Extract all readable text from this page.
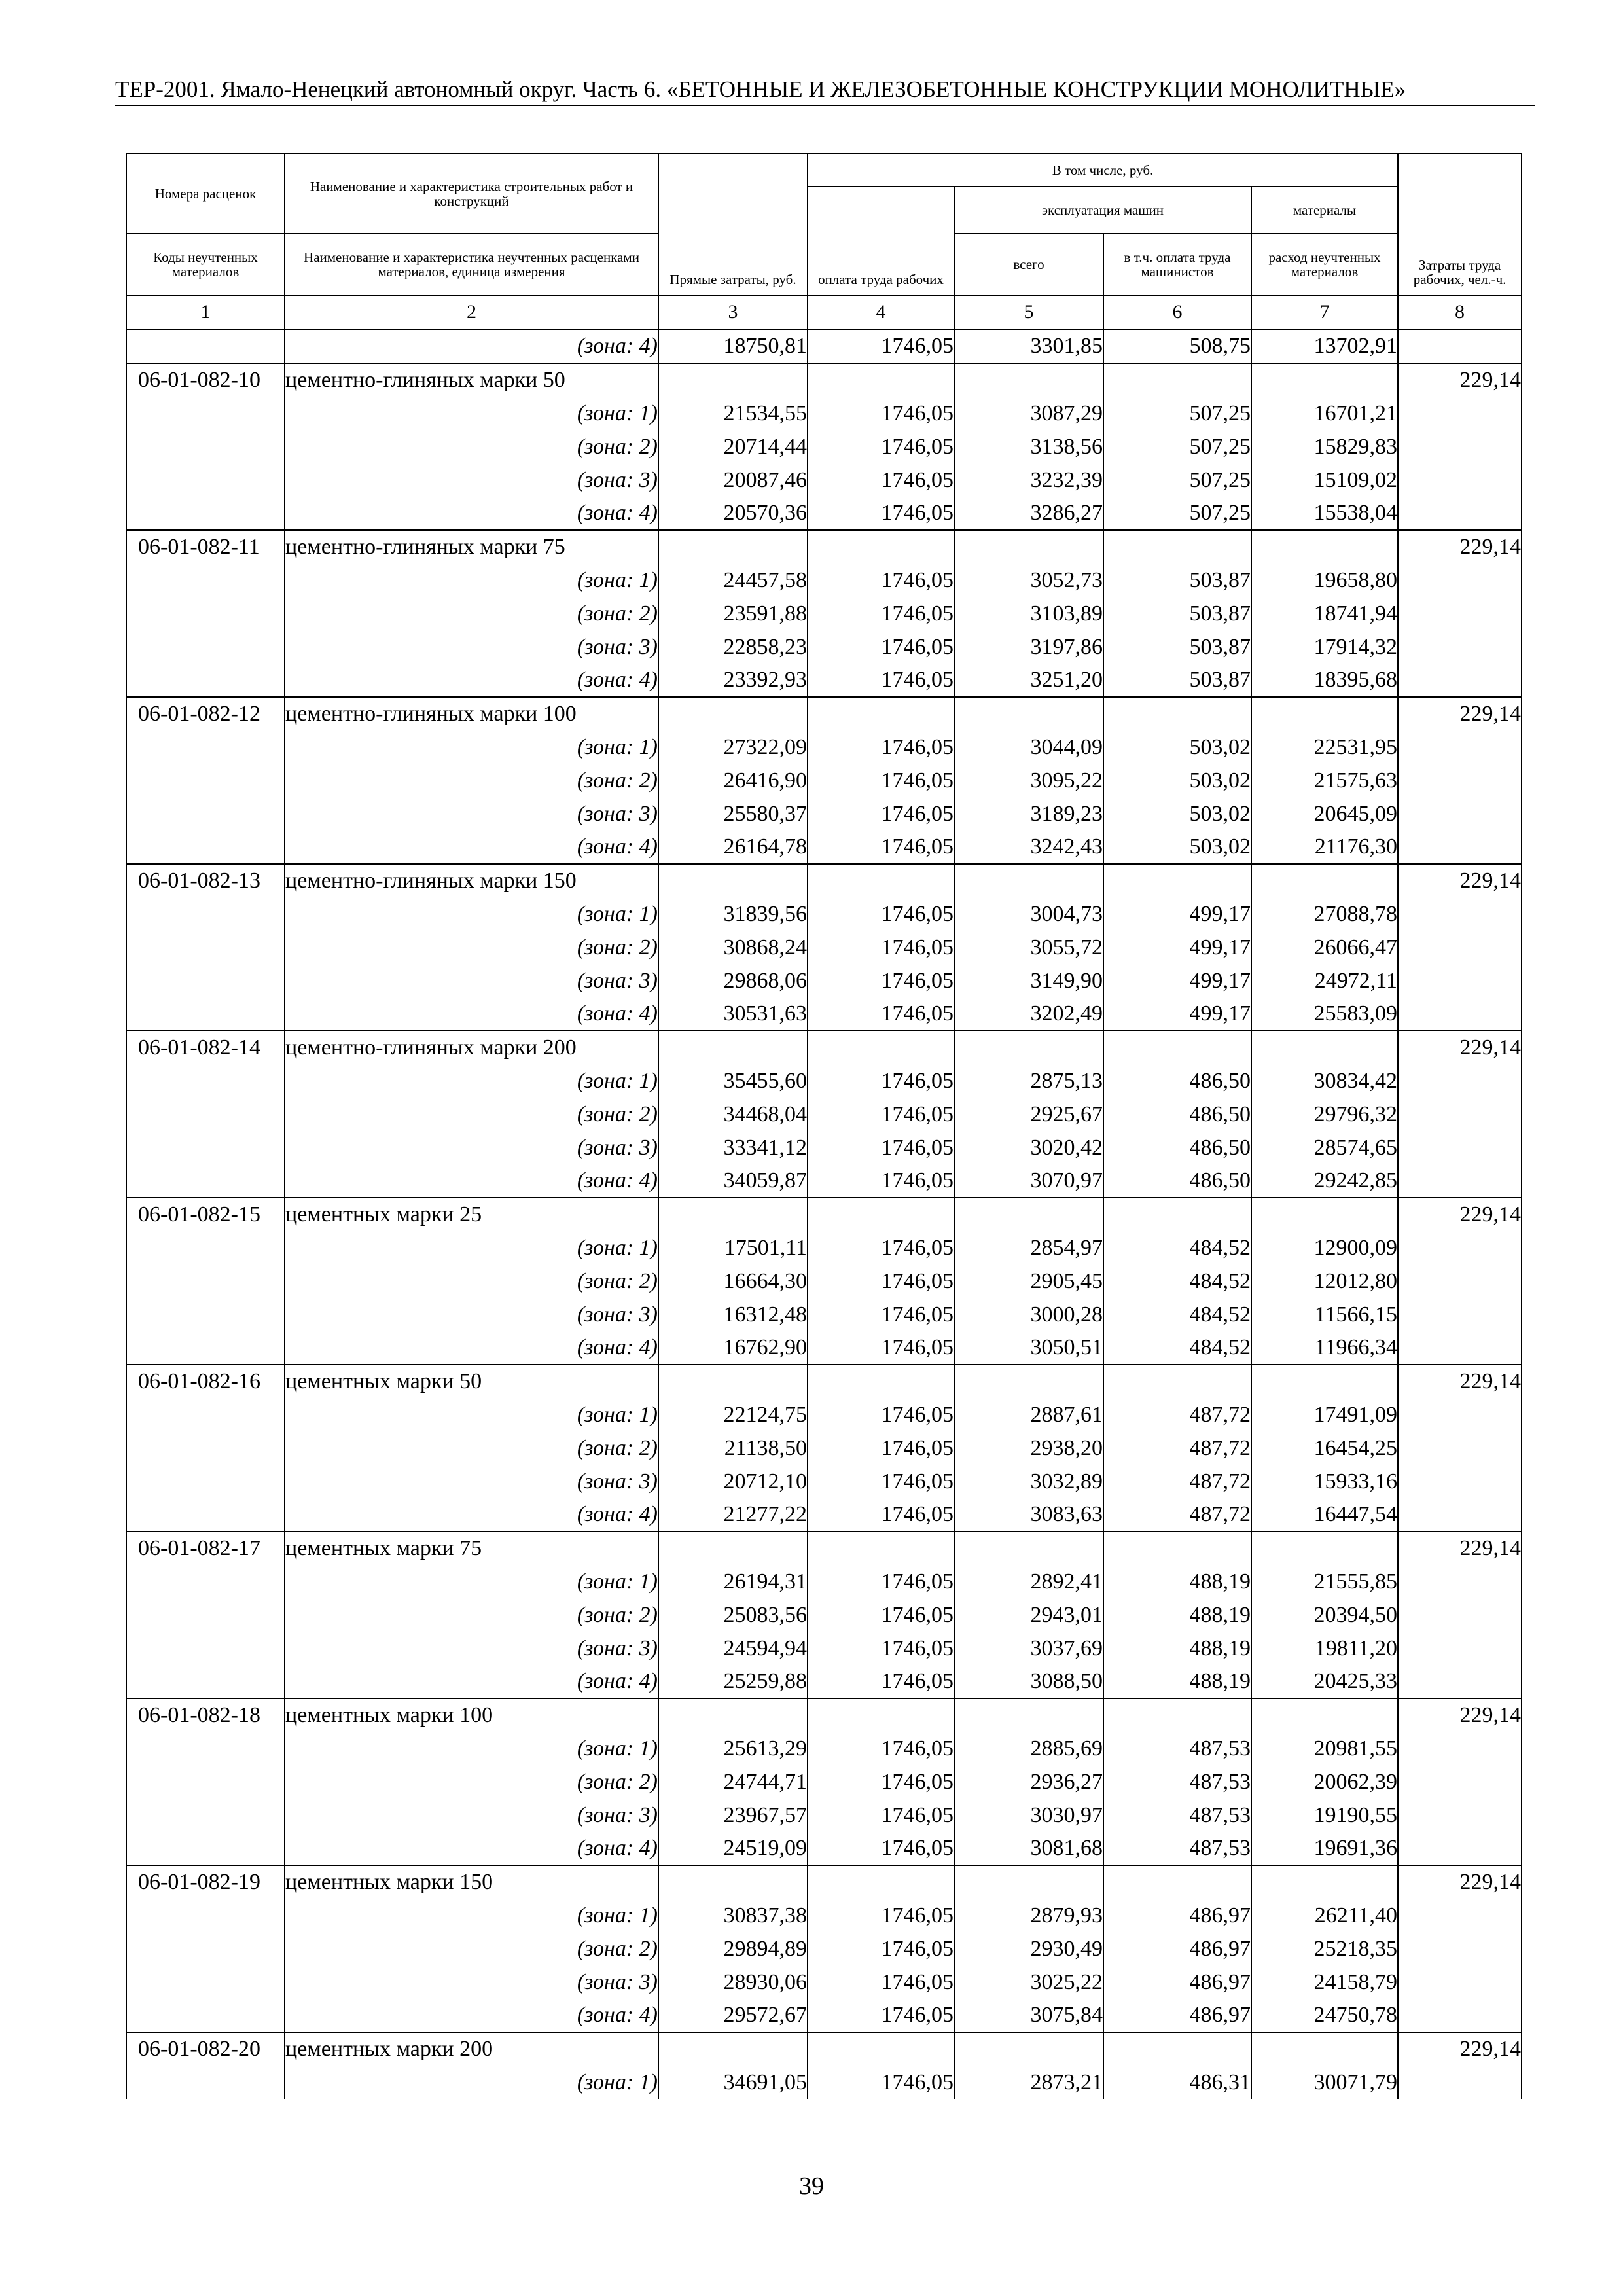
ТЕР-2001. Ямало-Ненецкий автономный округ. Часть 6. «БЕТОННЫЕ И ЖЕЛЕЗОБЕТОННЫЕ КОНСТРУКЦИИ МОНОЛИТНЫЕ»
Номера расценок	Наименование и характеристика строительных работ и конструкций	Прямые затраты, руб.	В том числе, руб.				Затраты труда рабочих, чел.-ч.
			оплата труда рабочих	эксплуатация машин		материалы	
Коды неучтенных материалов	Наименование и характеристика неучтенных расценками материалов, единица измерения			всего	в т.ч. оплата труда машинистов	расход неучтенных материалов	

1	2	3	4	5	6	7	8
	(зона: 4)	18750,81	1746,05	3301,85	508,75	13702,91	
06-01-082-10	цементно-глиняных марки 50						229,14
	(зона: 1)	21534,55	1746,05	3087,29	507,25	16701,21	
	(зона: 2)	20714,44	1746,05	3138,56	507,25	15829,83	
	(зона: 3)	20087,46	1746,05	3232,39	507,25	15109,02	
	(зона: 4)	20570,36	1746,05	3286,27	507,25	15538,04	
06-01-082-11	цементно-глиняных марки 75						229,14
	(зона: 1)	24457,58	1746,05	3052,73	503,87	19658,80	
	(зона: 2)	23591,88	1746,05	3103,89	503,87	18741,94	
	(зона: 3)	22858,23	1746,05	3197,86	503,87	17914,32	
	(зона: 4)	23392,93	1746,05	3251,20	503,87	18395,68	
06-01-082-12	цементно-глиняных марки 100						229,14
	(зона: 1)	27322,09	1746,05	3044,09	503,02	22531,95	
	(зона: 2)	26416,90	1746,05	3095,22	503,02	21575,63	
	(зона: 3)	25580,37	1746,05	3189,23	503,02	20645,09	
	(зона: 4)	26164,78	1746,05	3242,43	503,02	21176,30	
06-01-082-13	цементно-глиняных марки 150						229,14
	(зона: 1)	31839,56	1746,05	3004,73	499,17	27088,78	
	(зона: 2)	30868,24	1746,05	3055,72	499,17	26066,47	
	(зона: 3)	29868,06	1746,05	3149,90	499,17	24972,11	
	(зона: 4)	30531,63	1746,05	3202,49	499,17	25583,09	
06-01-082-14	цементно-глиняных марки 200						229,14
	(зона: 1)	35455,60	1746,05	2875,13	486,50	30834,42	
	(зона: 2)	34468,04	1746,05	2925,67	486,50	29796,32	
	(зона: 3)	33341,12	1746,05	3020,42	486,50	28574,65	
	(зона: 4)	34059,87	1746,05	3070,97	486,50	29242,85	
06-01-082-15	цементных марки 25						229,14
	(зона: 1)	17501,11	1746,05	2854,97	484,52	12900,09	
	(зона: 2)	16664,30	1746,05	2905,45	484,52	12012,80	
	(зона: 3)	16312,48	1746,05	3000,28	484,52	11566,15	
	(зона: 4)	16762,90	1746,05	3050,51	484,52	11966,34	
06-01-082-16	цементных марки 50						229,14
	(зона: 1)	22124,75	1746,05	2887,61	487,72	17491,09	
	(зона: 2)	21138,50	1746,05	2938,20	487,72	16454,25	
	(зона: 3)	20712,10	1746,05	3032,89	487,72	15933,16	
	(зона: 4)	21277,22	1746,05	3083,63	487,72	16447,54	
06-01-082-17	цементных марки 75						229,14
	(зона: 1)	26194,31	1746,05	2892,41	488,19	21555,85	
	(зона: 2)	25083,56	1746,05	2943,01	488,19	20394,50	
	(зона: 3)	24594,94	1746,05	3037,69	488,19	19811,20	
	(зона: 4)	25259,88	1746,05	3088,50	488,19	20425,33	
06-01-082-18	цементных марки 100						229,14
	(зона: 1)	25613,29	1746,05	2885,69	487,53	20981,55	
	(зона: 2)	24744,71	1746,05	2936,27	487,53	20062,39	
	(зона: 3)	23967,57	1746,05	3030,97	487,53	19190,55	
	(зона: 4)	24519,09	1746,05	3081,68	487,53	19691,36	
06-01-082-19	цементных марки 150						229,14
	(зона: 1)	30837,38	1746,05	2879,93	486,97	26211,40	
	(зона: 2)	29894,89	1746,05	2930,49	486,97	25218,35	
	(зона: 3)	28930,06	1746,05	3025,22	486,97	24158,79	
	(зона: 4)	29572,67	1746,05	3075,84	486,97	24750,78	
06-01-082-20	цементных марки 200						229,14
	(зона: 1)	34691,05	1746,05	2873,21	486,31	30071,79	
39
